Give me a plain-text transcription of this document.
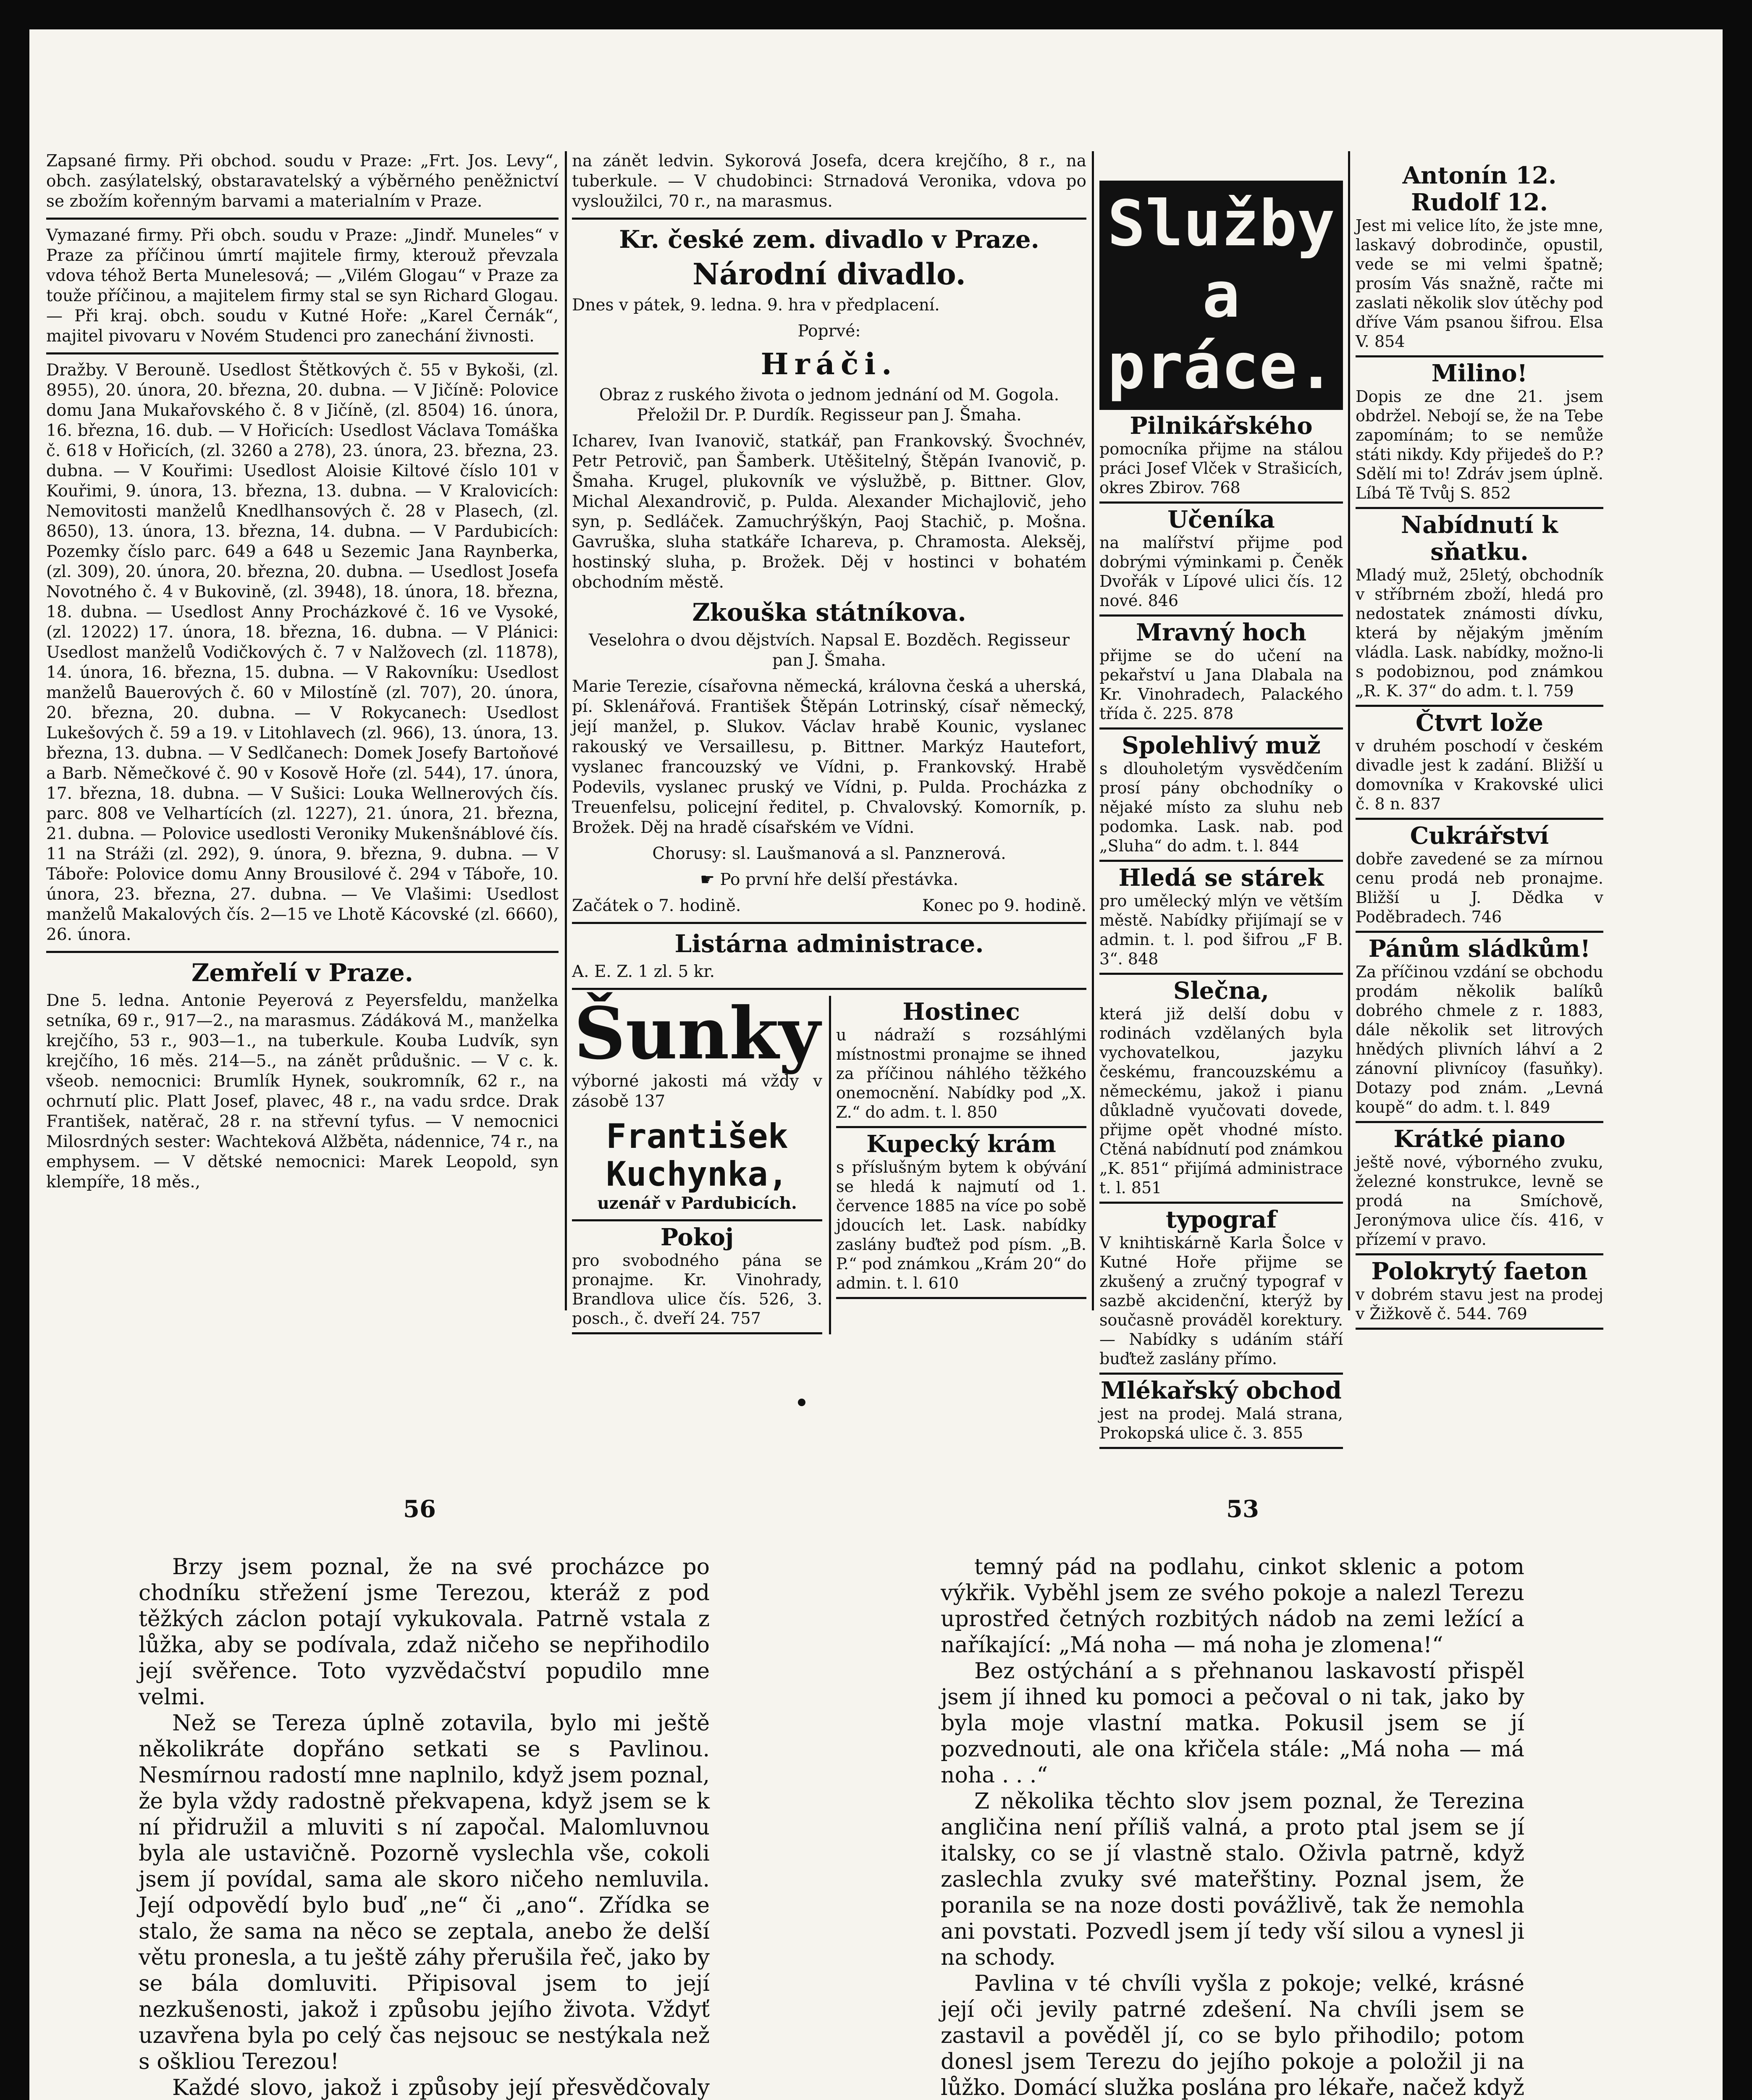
Zapsané firmy. Při obchod. soudu v Praze: „Frt. Jos. Levy“, obch. zasýlatelský, obstaravatelský a výběrného peněžnictví se zbožím kořenným barvami a materialním v Praze.

Vymazané firmy. Při obch. soudu v Praze: „Jindř. Muneles“ v Praze za příčinou úmrtí majitele firmy, kterouž převzala vdova téhož Berta Munelesová; — „Vilém Glogau“ v Praze za touže příčinou, a majitelem firmy stal se syn Richard Glogau. — Při kraj. obch. soudu v Kutné Hoře: „Karel Černák“, majitel pivovaru v Novém Studenci pro zanechání živnosti.

Dražby. V Berouně. Usedlost Štětkových č. 55 v Bykoši, (zl. 8955), 20. února, 20. března, 20. dubna. — V Jičíně: Polovice domu Jana Mukařovského č. 8 v Jičíně, (zl. 8504) 16. února, 16. března, 16. dub. — V Hořicích: Usedlost Václava Tomáška č. 618 v Hořicích, (zl. 3260 a 278), 23. února, 23. března, 23. dubna. — V Kouřimi: Usedlost Aloisie Kiltové číslo 101 v Kouřimi, 9. února, 13. března, 13. dubna. — V Kralovicích: Nemovitosti manželů Knedlhansových č. 28 v Plasech, (zl. 8650), 13. února, 13. března, 14. dubna. — V Pardubicích: Pozemky číslo parc. 649 a 648 u Sezemic Jana Raynberka, (zl. 309), 20. února, 20. března, 20. dubna. — Usedlost Josefa Novotného č. 4 v Bukovině, (zl. 3948), 18. února, 18. března, 18. dubna. — Usedlost Anny Procházkové č. 16 ve Vysoké, (zl. 12022) 17. února, 18. března, 16. dubna. — V Plánici: Usedlost manželů Vodičkových č. 7 v Nalžovech (zl. 11878), 14. února, 16. března, 15. dubna. — V Rakovníku: Usedlost manželů Bauerových č. 60 v Milostíně (zl. 707), 20. února, 20. března, 20. dubna. — V Rokycanech: Usedlost Lukešových č. 59 a 19. v Litohlavech (zl. 966), 13. února, 13. března, 13. dubna. — V Sedlčanech: Domek Josefy Bartoňové a Barb. Němečkové č. 90 v Kosově Hoře (zl. 544), 17. února, 17. března, 18. dubna. — V Sušici: Louka Wellnerových čís. parc. 808 ve Velhartících (zl. 1227), 21. února, 21. března, 21. dubna. — Polovice usedlosti Veroniky Mukenšnáblové čís. 11 na Stráži (zl. 292), 9. února, 9. března, 9. dubna. — V Táboře: Polovice domu Anny Brousilové č. 294 v Táboře, 10. února, 23. března, 27. dubna. — Ve Vlašimi: Usedlost manželů Makalových čís. 2—15 ve Lhotě Kácovské (zl. 6660), 26. února.

Zemřelí v Praze.

Dne 5. ledna. Antonie Peyerová z Peyersfeldu, manželka setníka, 69 r., 917—2., na marasmus. Zádáková M., manželka krejčího, 53 r., 903—1., na tuberkule. Kouba Ludvík, syn krejčího, 16 měs. 214—5., na zánět průdušnic. — V c. k. všeob. nemocnici: Brumlík Hynek, soukromník, 62 r., na ochrnutí plic. Platt Josef, plavec, 48 r., na vadu srdce. Drak František, natěrač, 28 r. na střevní tyfus. — V nemocnici Milosrdných sester: Wachteková Alžběta, nádennice, 74 r., na emphysem. — V dětské nemocnici: Marek Leopold, syn klempíře, 18 měs.,

na zánět ledvin. Sykorová Josefa, dcera krejčího, 8 r., na tuberkule. — V chudobinci: Strnadová Veronika, vdova po vysloužilci, 70 r., na marasmus.

Kr. české zem. divadlo v Praze.
Národní divadlo.

Dnes v pátek, 9. ledna. 9. hra v předplacení.

Poprvé:

Hráči.

Obraz z ruského života o jednom jednání od M. Gogola. Přeložil Dr. P. Durdík. Regisseur pan J. Šmaha.

Icharev, Ivan Ivanovič, statkář, pan Frankovský. Švochnév, Petr Petrovič, pan Šamberk. Utěšitelný, Štěpán Ivanovič, p. Šmaha. Krugel, plukovník ve výslužbě, p. Bittner. Glov, Michal Alexandrovič, p. Pulda. Alexander Michajlovič, jeho syn, p. Sedláček. Zamuchrýškýn, Paoj Stachič, p. Mošna. Gavruška, sluha statkáře Ichareva, p. Chramosta. Aleksěj, hostinský sluha, p. Brožek. Děj v hostinci v bohatém obchodním městě.

Zkouška státníkova.

Veselohra o dvou dějstvích. Napsal E. Bozděch. Regisseur pan J. Šmaha.

Marie Terezie, císařovna německá, královna česká a uherská, pí. Sklenářová. František Štěpán Lotrinský, císař německý, její manžel, p. Slukov. Václav hrabě Kounic, vyslanec rakouský ve Versaillesu, p. Bittner. Markýz Hautefort, vyslanec francouzský ve Vídni, p. Frankovský. Hrabě Podevils, vyslanec pruský ve Vídni, p. Pulda. Procházka z Treuenfelsu, policejní ředitel, p. Chvalovský. Komorník, p. Brožek. Děj na hradě císařském ve Vídni.

Chorusy: sl. Laušmanová a sl. Panznerová.

☛ Po první hře delší přestávka.

Začátek o 7. hodině.	Konec po 9. hodině.

Listárna administrace.

A. E. Z. 1 zl. 5 kr.

Šunky

výborné jakosti má vždy v zásobě 137

František Kuchynka,

uzenář v Pardubicích.

Pokoj
pro svobodného pána se pronajme. Kr. Vinohrady, Brandlova ulice čís. 526, 3. posch., č. dveří 24. 757
Hostinec
u nádraží s rozsáhlými místnostmi pronajme se ihned za příčinou náhlého těžkého onemocnění. Nabídky pod „X. Z.“ do adm. t. l. 850
Kupecký krám
s příslušným bytem k obývání se hledá k najmutí od 1. července 1885 na více po sobě jdoucích let. Lask. nabídky zaslány buďtež pod písm. „B. P.“ pod známkou „Krám 20“ do admin. t. l. 610
Služby a práce.
Pilnikářského
pomocníka přijme na stálou práci Josef Vlček v Strašicích, okres Zbirov. 768
Učeníka
na malířství přijme pod dobrými výminkami p. Čeněk Dvořák v Lípové ulici čís. 12 nové. 846
Mravný hoch
přijme se do učení na pekařství u Jana Dlabala na Kr. Vinohradech, Palackého třída č. 225. 878
Spolehlivý muž
s dlouholetým vysvědčením prosí pány obchodníky o nějaké místo za sluhu neb podomka. Lask. nab. pod „Sluha“ do adm. t. l. 844
Hledá se stárek
pro umělecký mlýn ve větším městě. Nabídky přijímají se v admin. t. l. pod šifrou „F B. 3“. 848
Slečna,
která již delší dobu v rodinách vzdělaných byla vychovatelkou, jazyku českému, francouzskému a německému, jakož i pianu důkladně vyučovati dovede, přijme opět vhodné místo. Ctěná nabídnutí pod známkou „K. 851“ přijímá administrace t. l. 851
typograf
V knihtiskárně Karla Šolce v Kutné Hoře přijme se zkušený a zručný typograf v sazbě akcidenční, kterýž by současně prováděl korektury. — Nabídky s udáním stáří buďtež zaslány přímo.
Mlékařský obchod
jest na prodej. Malá strana, Prokopská ulice č. 3. 855
Antonín 12. Rudolf 12.
Jest mi velice líto, že jste mne, laskavý dobrodinče, opustil, vede se mi velmi špatně; prosím Vás snažně, račte mi zaslati několik slov útěchy pod dříve Vám psanou šifrou. Elsa V. 854
Milino!
Dopis ze dne 21. jsem obdržel. Nebojí se, že na Tebe zapomínám; to se nemůže státi nikdy. Kdy přijedeš do P.? Sdělí mi to! Zdráv jsem úplně. Líbá Tě Tvůj S. 852
Nabídnutí k sňatku.
Mladý muž, 25letý, obchodník v stříbrném zboží, hledá pro nedostatek známosti dívku, která by nějakým jměním vládla. Lask. nabídky, možno-li s podobiznou, pod známkou „R. K. 37“ do adm. t. l. 759
Čtvrt lože
v druhém poschodí v českém divadle jest k zadání. Bližší u domovníka v Krakovské ulici č. 8 n. 837
Cukrářství
dobře zavedené se za mírnou cenu prodá neb pronajme. Bližší u J. Dědka v Poděbradech. 746
Pánům sládkům!
Za příčinou vzdání se obchodu prodám několik balíků dobrého chmele z r. 1883, dále několik set litrových hnědých plivních láhví a 2 zánovní plivnícoy (fasuňky). Dotazy pod znám. „Levná koupě“ do adm. t. l. 849
Krátké piano
ještě nové, výborného zvuku, železné konstrukce, levně se prodá na Smíchově, Jeronýmova ulice čís. 416, v přízemí v pravo.
Polokrytý faeton
v dobrém stavu jest na prodej v Žižkově č. 544. 769
56	53

Brzy jsem poznal, že na své procházce po chodníku střežení jsme Terezou, kteráž z pod těžkých záclon potají vykukovala. Patrně vstala z lůžka, aby se podívala, zdaž ničeho se nepřihodilo její svěřence. Toto vyzvědačství popudilo mne velmi.

Než se Tereza úplně zotavila, bylo mi ještě několikráte dopřáno setkati se s Pavlinou. Nesmírnou radostí mne naplnilo, když jsem poznal, že byla vždy radostně překvapena, když jsem se k ní přidružil a mluviti s ní započal. Malomluvnou byla ale ustavičně. Pozorně vyslechla vše, cokoli jsem jí povídal, sama ale skoro ničeho nemluvila. Její odpovědí bylo buď „ne“ či „ano“. Zřídka se stalo, že sama na něco se zeptala, anebo že delší větu pronesla, a tu ještě záhy přerušila řeč, jako by se bála domluviti. Připisoval jsem to její nezkušenosti, jakož i způsobu jejího života. Vždyť uzavřena byla po celý čas nejsouc se nestýkala než s oškliou Terezou!

Každé slovo, jakož i způsoby její přesvědčovaly

temný pád na podlahu, cinkot sklenic a potom výkřik. Vyběhl jsem ze svého pokoje a nalezl Terezu uprostřed četných rozbitých nádob na zemi ležící a naříkající: „Má noha — má noha je zlomena!“

Bez ostýchání a s přehnanou laskavostí přispěl jsem jí ihned ku pomoci a pečoval o ni tak, jako by byla moje vlastní matka. Pokusil jsem se jí pozvednouti, ale ona křičela stále: „Má noha — má noha . . .“

Z několika těchto slov jsem poznal, že Terezina angličina není příliš valná, a proto ptal jsem se jí italsky, co se jí vlastně stalo. Oživla patrně, když zaslechla zvuky své mateřštiny. Poznal jsem, že poranila se na noze dosti povážlivě, tak že nemohla ani povstati. Pozvedl jsem jí tedy vší silou a vynesl ji na schody.

Pavlina v té chvíli vyšla z pokoje; velké, krásné její oči jevily patrné zdešení. Na chvíli jsem se zastavil a pověděl jí, co se bylo přihodilo; potom donesl jsem Terezu do jejího pokoje a položil ji na lůžko. Domácí služka poslána pro lékaře, načež když
